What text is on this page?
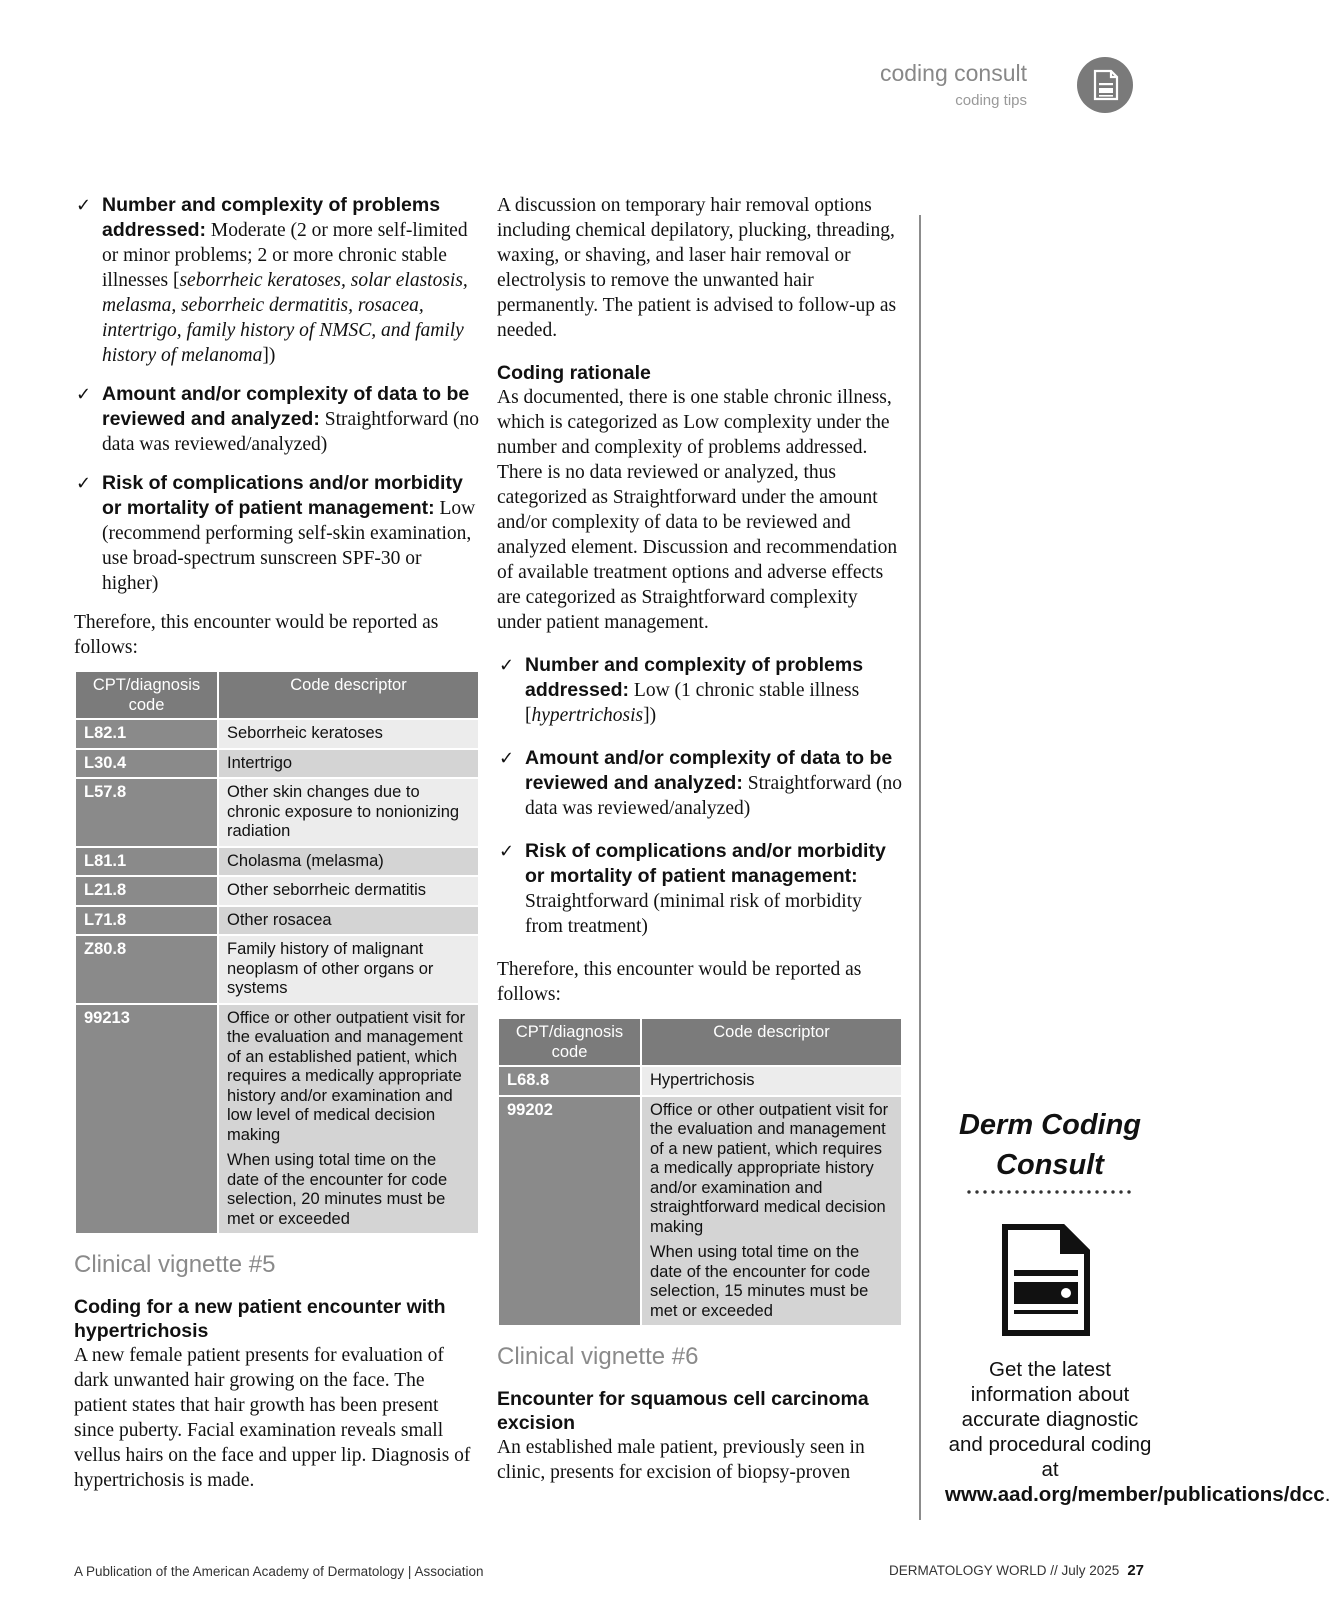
coding consult
coding tips
✓ Number and complexity of problems addressed: Moderate (2 or more self-limited or minor problems; 2 or more chronic stable illnesses [seborrheic keratoses, solar elastosis, melasma, seborrheic dermatitis, rosacea, intertrigo, family history of NMSC, and family history of melanoma])
✓ Amount and/or complexity of data to be reviewed and analyzed: Straightforward (no data was reviewed/analyzed)
✓ Risk of complications and/or morbidity or mortality of patient management: Low (recommend performing self-skin examination, use broad-spectrum sunscreen SPF-30 or higher)

Therefore, this encounter would be reported as follows:

CPT/diagnosis code	Code descriptor
L82.1	Seborrheic keratoses
L30.4	Intertrigo
L57.8	Other skin changes due to chronic exposure to nonionizing radiation
L81.1	Cholasma (melasma)
L21.8	Other seborrheic dermatitis
L71.8	Other rosacea
Z80.8	Family history of malignant neoplasm of other organs or systems
99213	Office or other outpatient visit for the evaluation and management of an established patient, which requires a medically appropriate history and/or examination and low level of medical decision making
When using total time on the date of the encounter for code selection, 20 minutes must be met or exceeded
Clinical vignette #5
Coding for a new patient encounter with hypertrichosis

A new female patient presents for evaluation of dark unwanted hair growing on the face. The patient states that hair growth has been present since puberty. Facial examination reveals small vellus hairs on the face and upper lip. Diagnosis of hypertrichosis is made.

A discussion on temporary hair removal options including chemical depilatory, plucking, threading, waxing, or shaving, and laser hair removal or electrolysis to remove the unwanted hair permanently. The patient is advised to follow-up as needed.

Coding rationale

As documented, there is one stable chronic illness, which is categorized as Low complexity under the number and complexity of problems addressed. There is no data reviewed or analyzed, thus categorized as Straightforward under the amount and/or complexity of data to be reviewed and analyzed element. Discussion and recommendation of available treatment options and adverse effects are categorized as Straightforward complexity under patient management.

✓ Number and complexity of problems addressed: Low (1 chronic stable illness [hypertrichosis])
✓ Amount and/or complexity of data to be reviewed and analyzed: Straightforward (no data was reviewed/analyzed)
✓ Risk of complications and/or morbidity or mortality of patient management: Straightforward (minimal risk of morbidity from treatment)

Therefore, this encounter would be reported as follows:

CPT/diagnosis code	Code descriptor
L68.8	Hypertrichosis
99202	Office or other outpatient visit for the evaluation and management of a new patient, which requires a medically appropriate history and/or examination and straightforward medical decision making
When using total time on the date of the encounter for code selection, 15 minutes must be met or exceeded
Clinical vignette #6
Encounter for squamous cell carcinoma excision

An established male patient, previously seen in clinic, presents for excision of biopsy-proven

Derm Coding Consult
Get the latest information about accurate diagnostic and procedural coding at www.aad.org/member/publications/dcc.
A Publication of the American Academy of Dermatology | Association	DERMATOLOGY WORLD // July 2025 27
